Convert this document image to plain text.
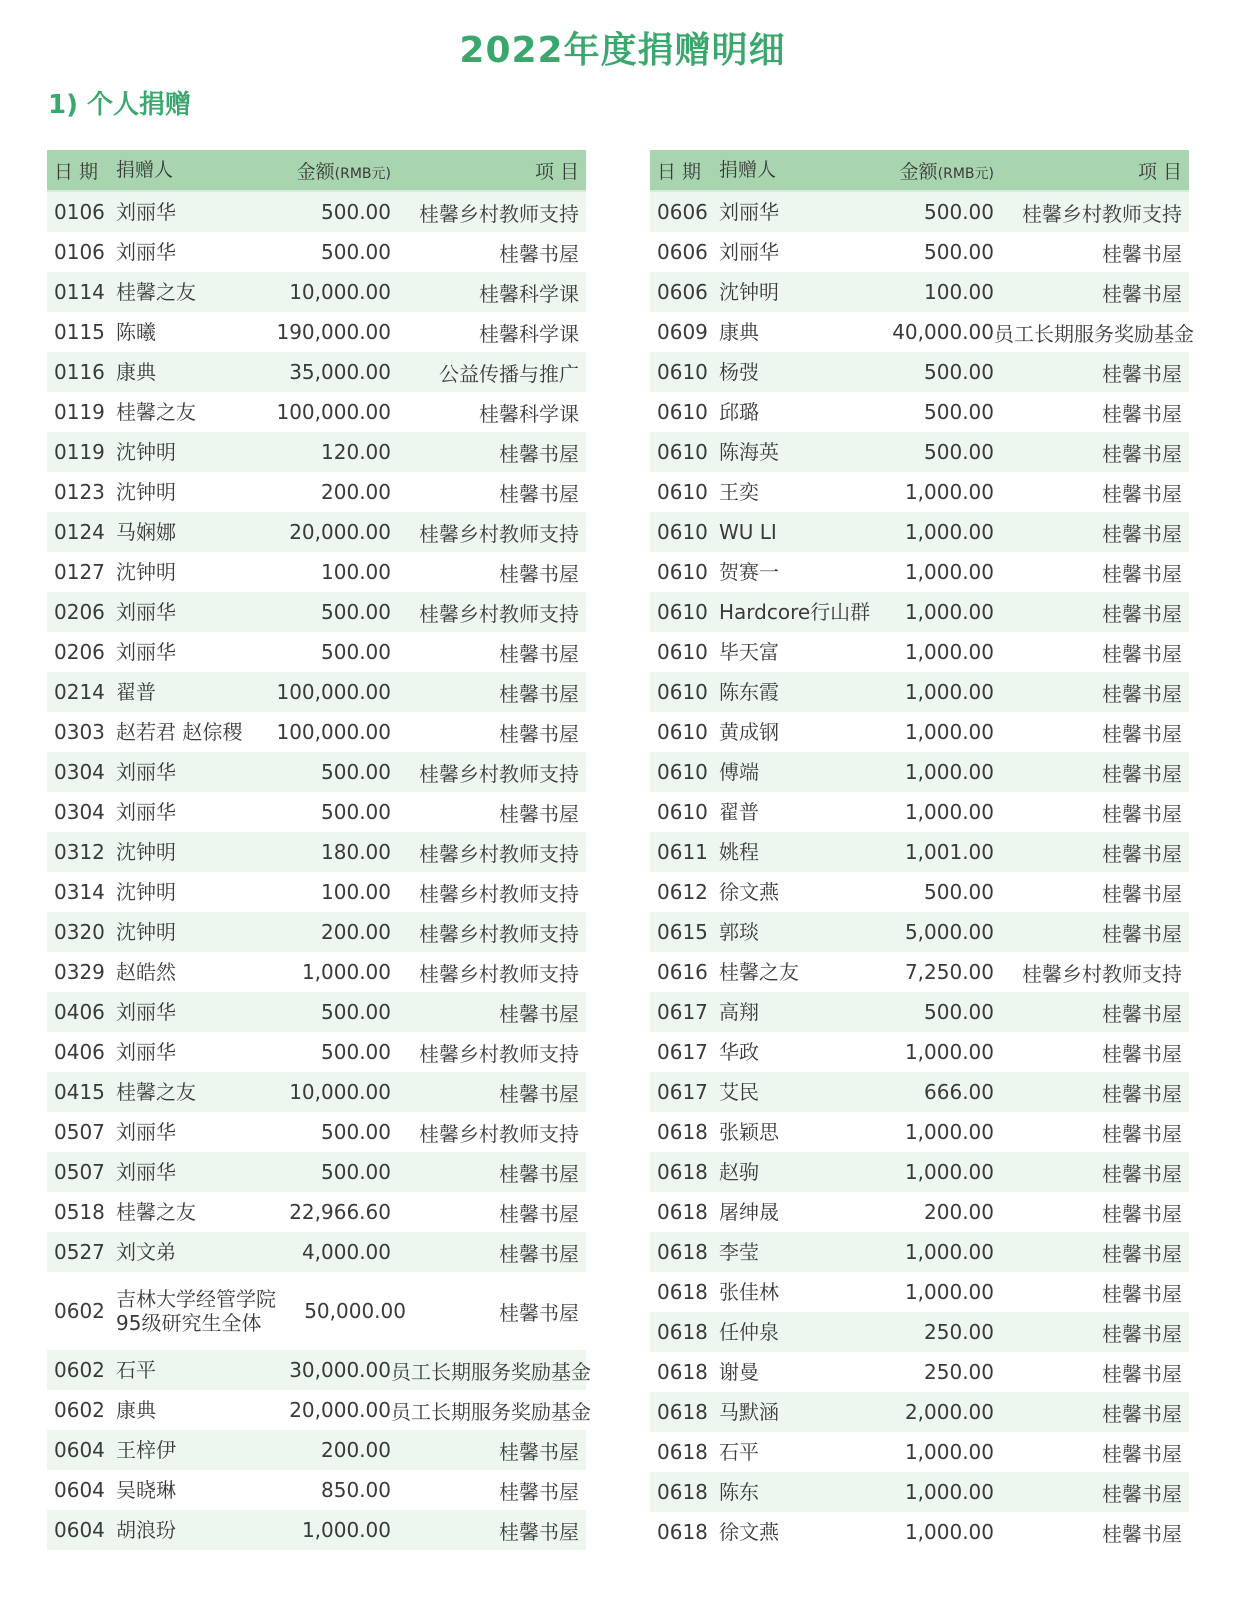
2022年度捐赠明细
1) 个人捐赠
日 期 捐赠人	金额(RMB元)	项 目
0106 刘丽华	500.00	桂馨乡村教师支持
0106 刘丽华	500.00	桂馨书屋
0114 桂馨之友	10,000.00	桂馨科学课
0115 陈曦	190,000.00	桂馨科学课
0116 康典	35,000.00	公益传播与推广
0119 桂馨之友	100,000.00	桂馨科学课
0119 沈钟明	120.00	桂馨书屋
0123 沈钟明	200.00	桂馨书屋
0124 马娴娜	20,000.00	桂馨乡村教师支持
0127 沈钟明	100.00	桂馨书屋
0206 刘丽华	500.00	桂馨乡村教师支持
0206 刘丽华	500.00	桂馨书屋
0214 翟普	100,000.00	桂馨书屋
0303 赵若君 赵倧稷	100,000.00	桂馨书屋
0304 刘丽华	500.00	桂馨乡村教师支持
0304 刘丽华	500.00	桂馨书屋
0312 沈钟明	180.00	桂馨乡村教师支持
0314 沈钟明	100.00	桂馨乡村教师支持
0320 沈钟明	200.00	桂馨乡村教师支持
0329 赵皓然	1,000.00	桂馨乡村教师支持
0406 刘丽华	500.00	桂馨书屋
0406 刘丽华	500.00	桂馨乡村教师支持
0415 桂馨之友	10,000.00	桂馨书屋
0507 刘丽华	500.00	桂馨乡村教师支持
0507 刘丽华	500.00	桂馨书屋
0518 桂馨之友	22,966.60	桂馨书屋
0527 刘文弟	4,000.00	桂馨书屋
0602 吉林大学经管学院95级研究生全体	50,000.00	桂馨书屋
0602 石平	30,000.00 员工长期服务奖励基金
0602 康典	20,000.00 员工长期服务奖励基金
0604 王梓伊	200.00	桂馨书屋
0604 吴晓琳	850.00	桂馨书屋
0604 胡浪玢	1,000.00	桂馨书屋
日 期 捐赠人	金额(RMB元)	项 目
0606 刘丽华	500.00	桂馨乡村教师支持
0606 刘丽华	500.00	桂馨书屋
0606 沈钟明	100.00	桂馨书屋
0609 康典	40,000.00 员工长期服务奖励基金
0610 杨弢	500.00	桂馨书屋
0610 邱璐	500.00	桂馨书屋
0610 陈海英	500.00	桂馨书屋
0610 王奕	1,000.00	桂馨书屋
0610 WU LI	1,000.00	桂馨书屋
0610 贺赛一	1,000.00	桂馨书屋
0610 Hardcore行山群	1,000.00	桂馨书屋
0610 毕天富	1,000.00	桂馨书屋
0610 陈东霞	1,000.00	桂馨书屋
0610 黄成钢	1,000.00	桂馨书屋
0610 傅端	1,000.00	桂馨书屋
0610 翟普	1,000.00	桂馨书屋
0611 姚程	1,001.00	桂馨书屋
0612 徐文燕	500.00	桂馨书屋
0615 郭琰	5,000.00	桂馨书屋
0616 桂馨之友	7,250.00	桂馨乡村教师支持
0617 高翔	500.00	桂馨书屋
0617 华政	1,000.00	桂馨书屋
0617 艾民	666.00	桂馨书屋
0618 张颖思	1,000.00	桂馨书屋
0618 赵驹	1,000.00	桂馨书屋
0618 屠绅晟	200.00	桂馨书屋
0618 李莹	1,000.00	桂馨书屋
0618 张佳林	1,000.00	桂馨书屋
0618 任仲泉	250.00	桂馨书屋
0618 谢曼	250.00	桂馨书屋
0618 马默涵	2,000.00	桂馨书屋
0618 石平	1,000.00	桂馨书屋
0618 陈东	1,000.00	桂馨书屋
0618 徐文燕	1,000.00	桂馨书屋
